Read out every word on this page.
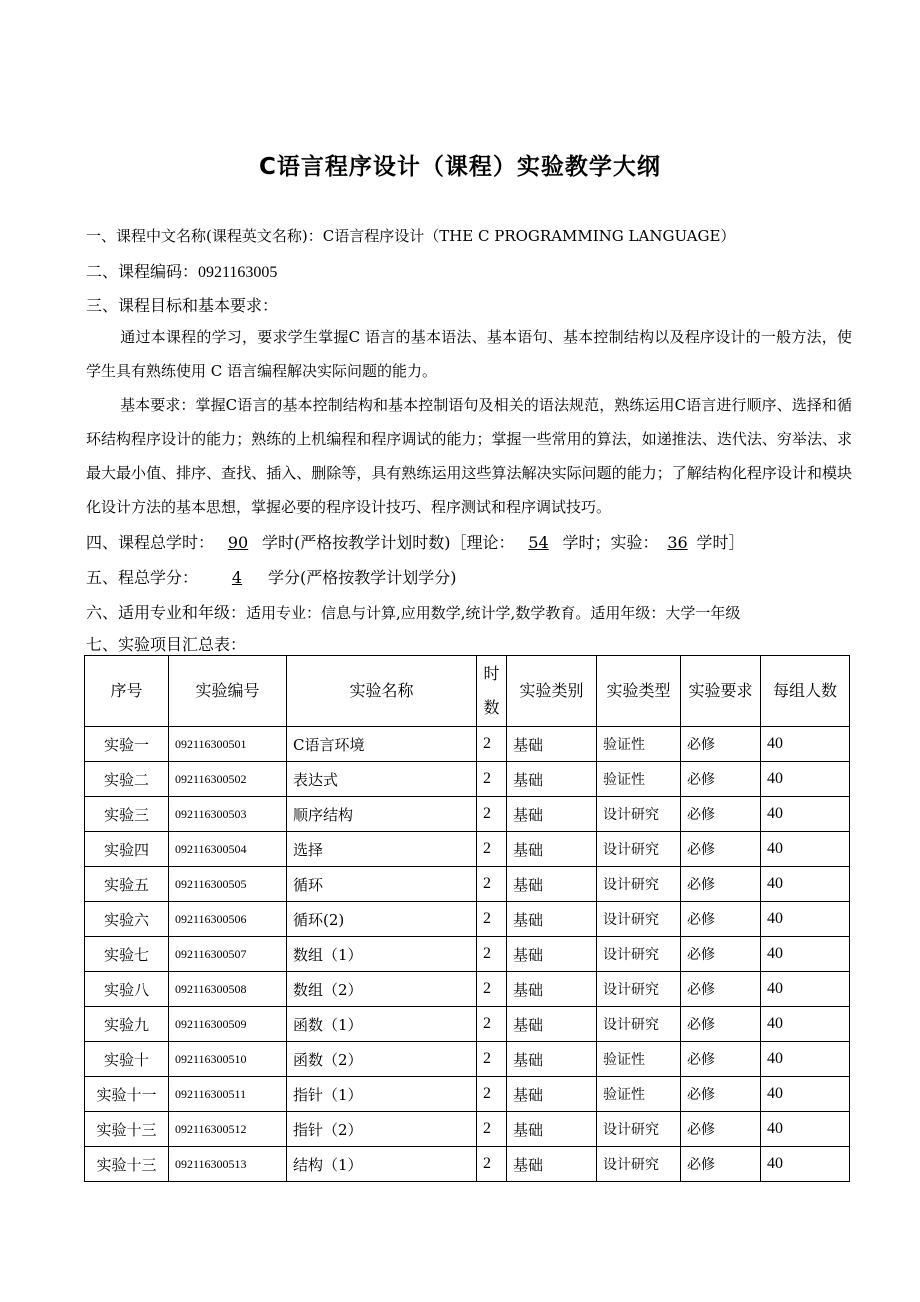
C语言程序设计（课程）实验教学大纲
一、课程中文名称(课程英文名称)：C语言程序设计（THE C PROGRAMMING LANGUAGE）
二、课程编码：0921163005
三、课程目标和基本要求：
通过本课程的学习，要求学生掌握C 语言的基本语法、基本语句、基本控制结构以及程序设计的一般方法，使学生具有熟练使用 C 语言编程解决实际问题的能力。
基本要求：掌握C语言的基本控制结构和基本控制语句及相关的语法规范，熟练运用C语言进行顺序、选择和循环结构程序设计的能力；熟练的上机编程和程序调试的能力；掌握一些常用的算法，如递推法、迭代法、穷举法、求最大最小值、排序、查找、插入、删除等，具有熟练运用这些算法解决实际问题的能力；了解结构化程序设计和模块化设计方法的基本思想，掌握必要的程序设计技巧、程序测试和程序调试技巧。
四、课程总学时： 90 学时(严格按教学计划时数)［理论： 54 学时；实验： 36 学时］
五、程总学分： 4 学分(严格按教学计划学分)
六、适用专业和年级：适用专业：信息与计算,应用数学,统计学,数学教育。适用年级：大学一年级
七、实验项目汇总表：
序号	实验编号	实验名称	时数	实验类别	实验类型	实验要求	每组人数
实验一	092116300501	C语言环境	2	基础	验证性	必修	40
实验二	092116300502	表达式	2	基础	验证性	必修	40
实验三	092116300503	顺序结构	2	基础	设计研究	必修	40
实验四	092116300504	选择	2	基础	设计研究	必修	40
实验五	092116300505	循环	2	基础	设计研究	必修	40
实验六	092116300506	循环(2)	2	基础	设计研究	必修	40
实验七	092116300507	数组（1）	2	基础	设计研究	必修	40
实验八	092116300508	数组（2）	2	基础	设计研究	必修	40
实验九	092116300509	函数（1）	2	基础	设计研究	必修	40
实验十	092116300510	函数（2）	2	基础	验证性	必修	40
实验十一	092116300511	指针（1）	2	基础	验证性	必修	40
实验十三	092116300512	指针（2）	2	基础	设计研究	必修	40
实验十三	092116300513	结构（1）	2	基础	设计研究	必修	40
